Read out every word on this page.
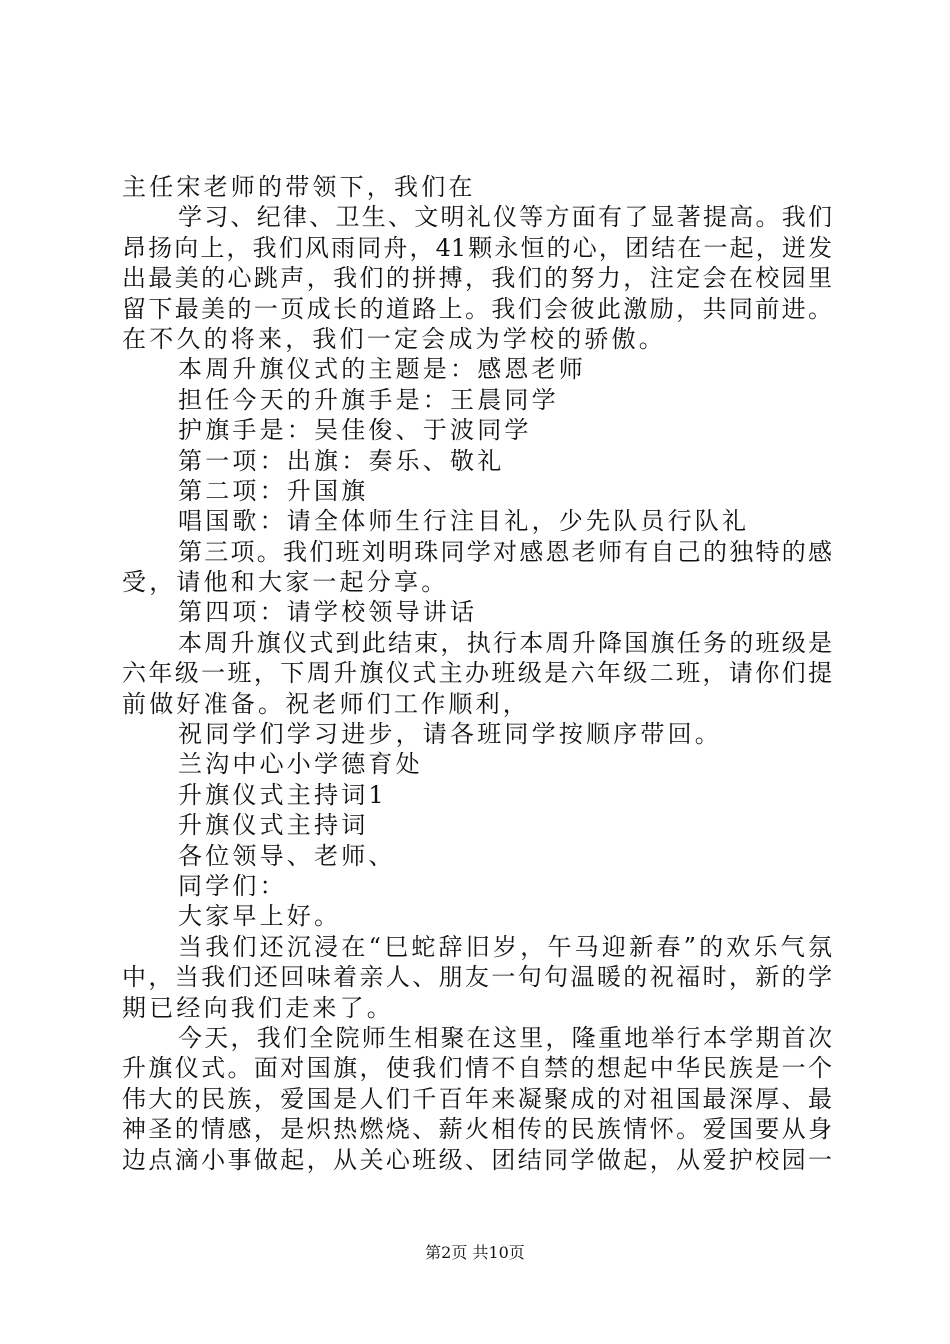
主任宋老师的带领下，我们在
学习、纪律、卫生、文明礼仪等方面有了显著提高。我们
昂扬向上，我们风雨同舟，41颗永恒的心，团结在一起，迸发
出最美的心跳声，我们的拼搏，我们的努力，注定会在校园里
留下最美的一页成长的道路上。我们会彼此激励，共同前进。
在不久的将来，我们一定会成为学校的骄傲。
本周升旗仪式的主题是：感恩老师
担任今天的升旗手是：王晨同学
护旗手是：吴佳俊、于波同学
第一项：出旗：奏乐、敬礼
第二项：升国旗
唱国歌：请全体师生行注目礼，少先队员行队礼
第三项。我们班刘明珠同学对感恩老师有自己的独特的感
受，请他和大家一起分享。
第四项：请学校领导讲话
本周升旗仪式到此结束，执行本周升降国旗任务的班级是
六年级一班，下周升旗仪式主办班级是六年级二班，请你们提
前做好准备。祝老师们工作顺利，
祝同学们学习进步，请各班同学按顺序带回。
兰沟中心小学德育处
升旗仪式主持词1
升旗仪式主持词
各位领导、老师、
同学们：
大家早上好。
当我们还沉浸在“巳蛇辞旧岁，午马迎新春”的欢乐气氛
中，当我们还回味着亲人、朋友一句句温暖的祝福时，新的学
期已经向我们走来了。
今天，我们全院师生相聚在这里，隆重地举行本学期首次
升旗仪式。面对国旗，使我们情不自禁的想起中华民族是一个
伟大的民族，爱国是人们千百年来凝聚成的对祖国最深厚、最
神圣的情感，是炽热燃烧、薪火相传的民族情怀。爱国要从身
边点滴小事做起，从关心班级、团结同学做起，从爱护校园一
第2页 共10页
